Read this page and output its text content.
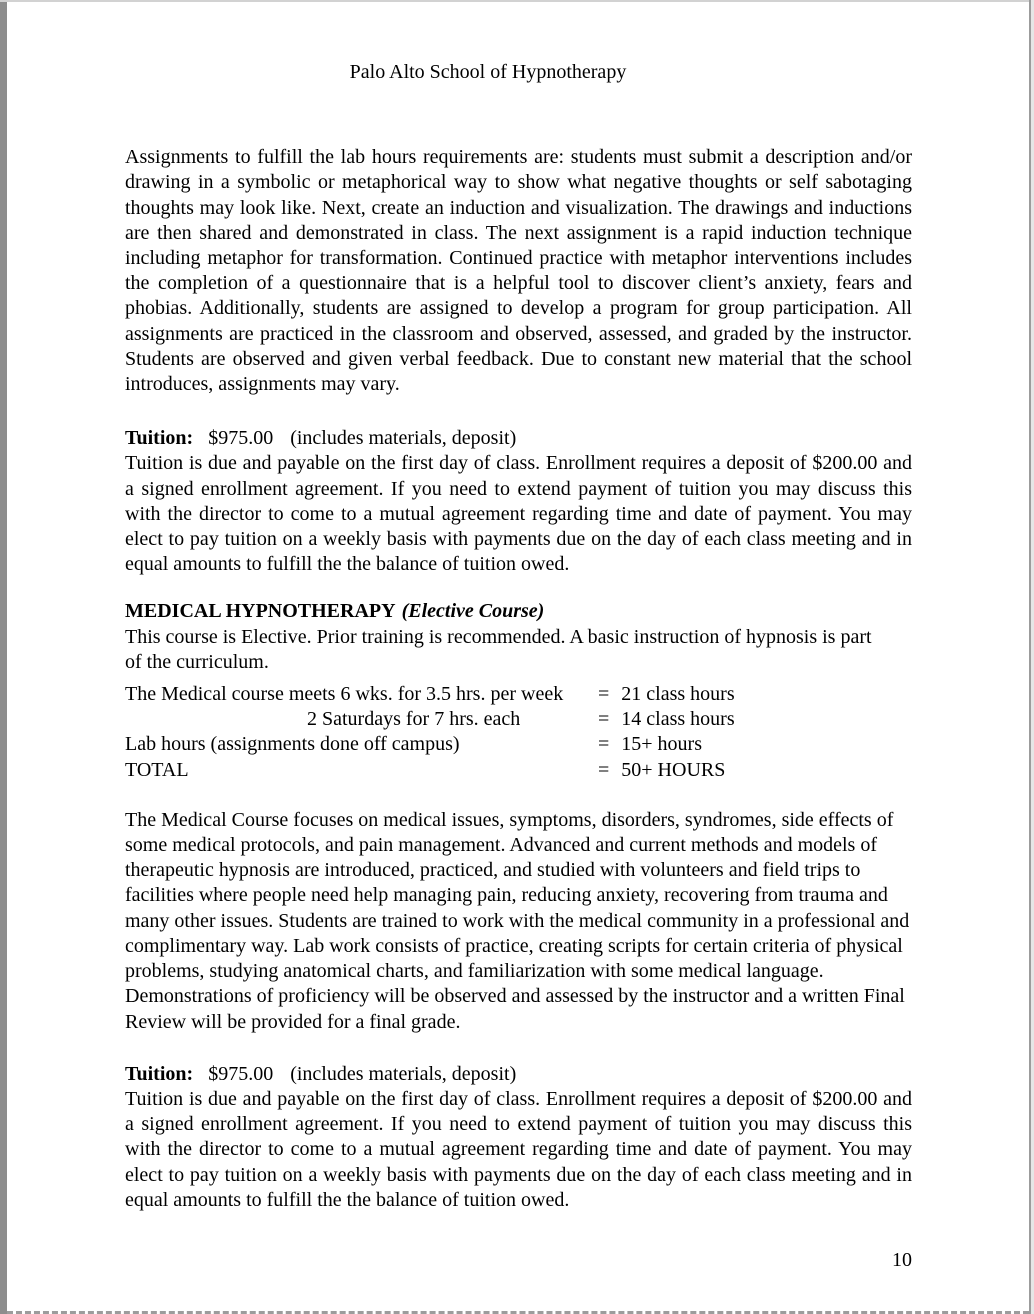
Palo Alto School of Hypnotherapy

Assignments to fulfill the lab hours requirements are: students must submit a description and/or drawing in a symbolic or metaphorical way to show what negative thoughts or self sabotaging thoughts may look like. Next, create an induction and visualization. The drawings and inductions are then shared and demonstrated in class. The next assignment is a rapid induction technique including metaphor for transformation. Continued practice with metaphor interventions includes the completion of a questionnaire that is a helpful tool to discover client’s anxiety, fears and phobias. Additionally, students are assigned to develop a program for group participation. All assignments are practiced in the classroom and observed, assessed, and graded by the instructor. Students are observed and given verbal feedback. Due to constant new material that the school introduces, assignments may vary.

Tuition: $975.00 (includes materials, deposit)

Tuition is due and payable on the first day of class. Enrollment requires a deposit of $200.00 and a signed enrollment agreement. If you need to extend payment of tuition you may discuss this with the director to come to a mutual agreement regarding time and date of payment. You may elect to pay tuition on a weekly basis with payments due on the day of each class meeting and in equal amounts to fulfill the the balance of tuition owed.

MEDICAL HYPNOTHERAPY (Elective Course)

This course is Elective. Prior training is recommended. A basic instruction of hypnosis is part of the curriculum.

The Medical course meets 6 wks. for 3.5 hrs. per week	= 21 class hours
2 Saturdays for 7 hrs. each	= 14 class hours
Lab hours (assignments done off campus)	= 15+ hours
TOTAL	= 50+ HOURS

The Medical Course focuses on medical issues, symptoms, disorders, syndromes, side effects of some medical protocols, and pain management. Advanced and current methods and models of therapeutic hypnosis are introduced, practiced, and studied with volunteers and field trips to facilities where people need help managing pain, reducing anxiety, recovering from trauma and many other issues. Students are trained to work with the medical community in a professional and complimentary way. Lab work consists of practice, creating scripts for certain criteria of physical problems, studying anatomical charts, and familiarization with some medical language. Demonstrations of proficiency will be observed and assessed by the instructor and a written Final Review will be provided for a final grade.

Tuition: $975.00 (includes materials, deposit)

Tuition is due and payable on the first day of class. Enrollment requires a deposit of $200.00 and a signed enrollment agreement. If you need to extend payment of tuition you may discuss this with the director to come to a mutual agreement regarding time and date of payment. You may elect to pay tuition on a weekly basis with payments due on the day of each class meeting and in equal amounts to fulfill the the balance of tuition owed.

10
